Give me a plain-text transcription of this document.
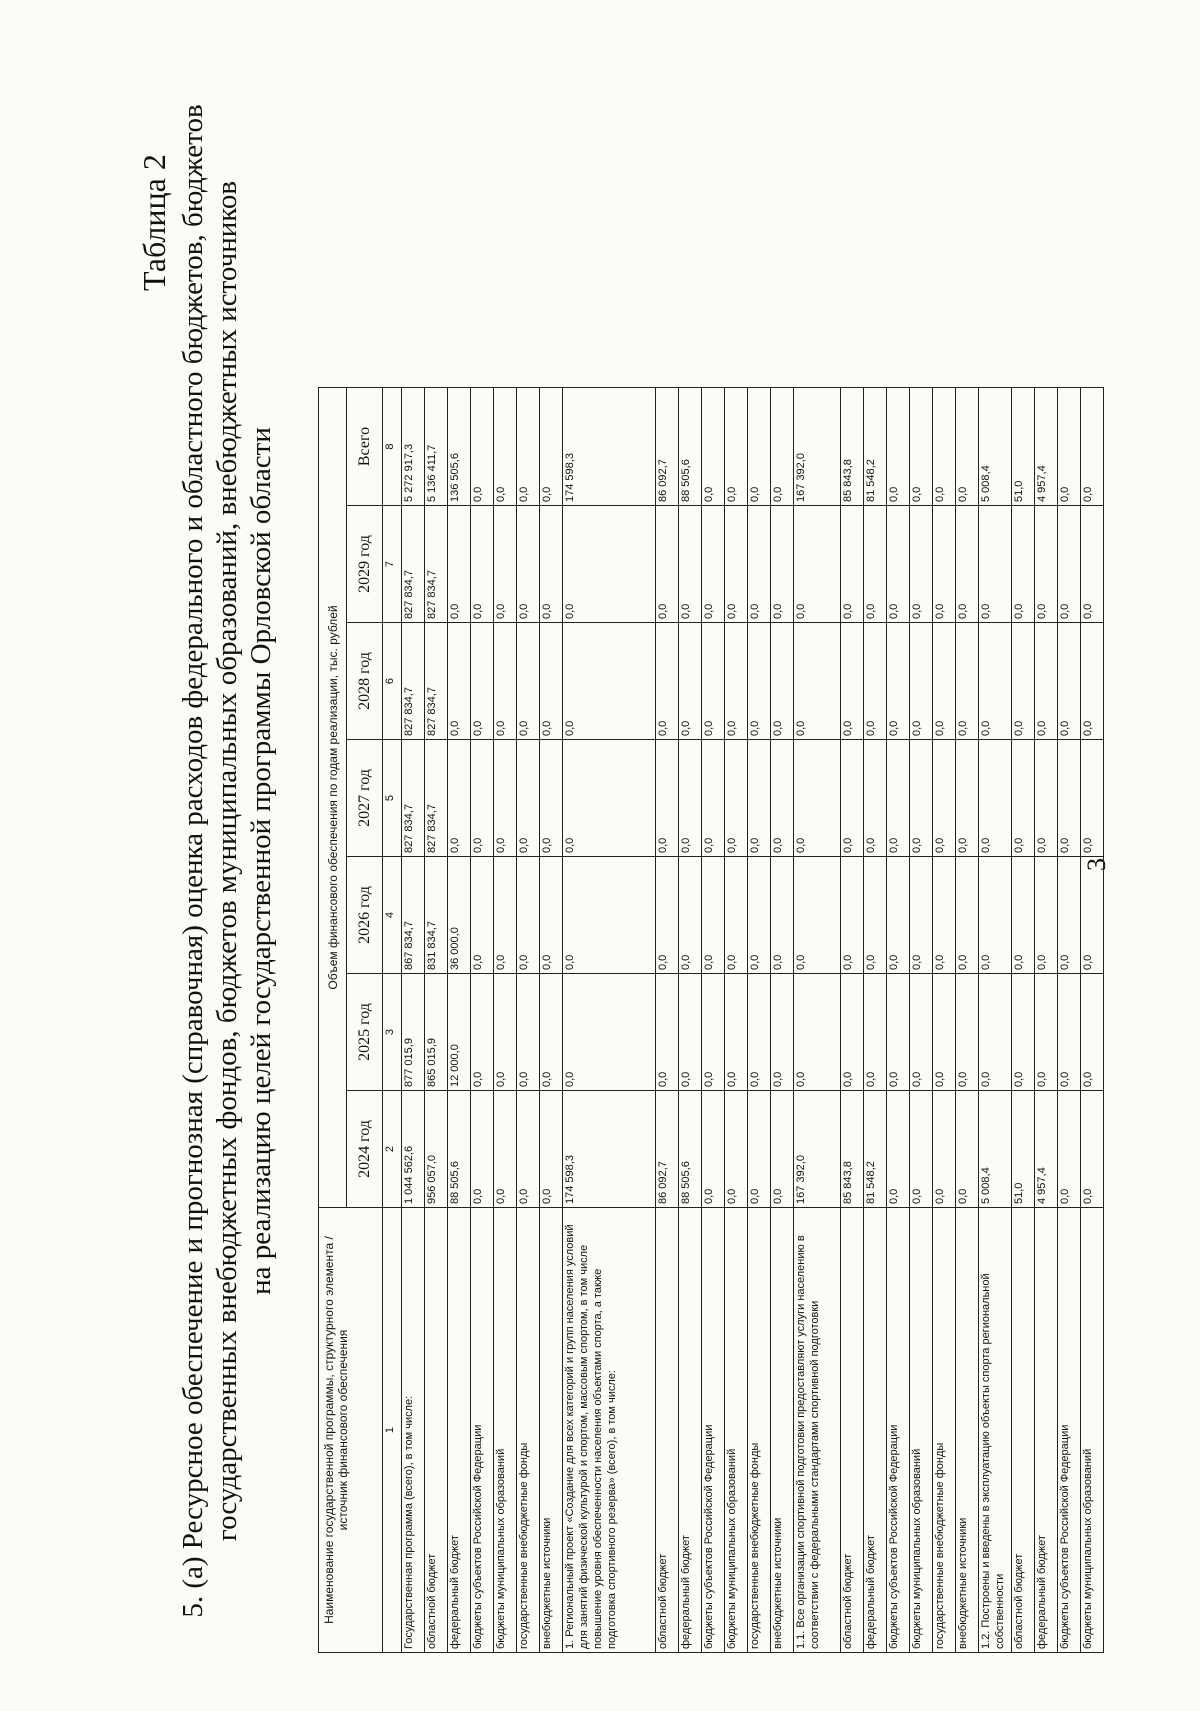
3
Таблица 2 5. (а) Ресурсное обеспечение и прогнозная (справочная) оценка расходов федерального и областного бюджетов, бюджетов государственных внебюджетных фондов, бюджетов муниципальных образований, внебюджетных источников на реализацию целей государственной программы Орловской области
Наименование государственной программы, структурного элемента / источник финансового обеспечения	Объем финансового обеспечения по годам реализации, тыс. рублей						
	2024 год	2025 год	2026 год	2027 год	2028 год	2029 год	Всего
1	2	3	4	5	6	7	8
Государственная программа (всего), в том числе:	1 044 562,6	877 015,9	867 834,7	827 834,7	827 834,7	827 834,7	5 272 917,3
областной бюджет	956 057,0	865 015,9	831 834,7	827 834,7	827 834,7	827 834,7	5 136 411,7
федеральный бюджет	88 505,6	12 000,0	36 000,0	0,0	0,0	0,0	136 505,6
бюджеты субъектов Российской Федерации	0,0	0,0	0,0	0,0	0,0	0,0	0,0
бюджеты муниципальных образований	0,0	0,0	0,0	0,0	0,0	0,0	0,0
государственные внебюджетные фонды	0,0	0,0	0,0	0,0	0,0	0,0	0,0
внебюджетные источники	0,0	0,0	0,0	0,0	0,0	0,0	0,0
1. Региональный проект «Создание для всех категорий и групп населения условий для занятий физической культурой и спортом, массовым спортом, в том числе повышение уровня обеспеченности населения объектами спорта, а также подготовка спортивного резерва» (всего), в том числе:	174 598,3	0,0	0,0	0,0	0,0	0,0	174 598,3
областной бюджет	86 092,7	0,0	0,0	0,0	0,0	0,0	86 092,7
федеральный бюджет	88 505,6	0,0	0,0	0,0	0,0	0,0	88 505,6
бюджеты субъектов Российской Федерации	0,0	0,0	0,0	0,0	0,0	0,0	0,0
бюджеты муниципальных образований	0,0	0,0	0,0	0,0	0,0	0,0	0,0
государственные внебюджетные фонды	0,0	0,0	0,0	0,0	0,0	0,0	0,0
внебюджетные источники	0,0	0,0	0,0	0,0	0,0	0,0	0,0
1.1. Все организации спортивной подготовки предоставляют услуги населению в соответствии с федеральными стандартами спортивной подготовки	167 392,0	0,0	0,0	0,0	0,0	0,0	167 392,0
областной бюджет	85 843,8	0,0	0,0	0,0	0,0	0,0	85 843,8
федеральный бюджет	81 548,2	0,0	0,0	0,0	0,0	0,0	81 548,2
бюджеты субъектов Российской Федерации	0,0	0,0	0,0	0,0	0,0	0,0	0,0
бюджеты муниципальных образований	0,0	0,0	0,0	0,0	0,0	0,0	0,0
государственные внебюджетные фонды	0,0	0,0	0,0	0,0	0,0	0,0	0,0
внебюджетные источники	0,0	0,0	0,0	0,0	0,0	0,0	0,0
1.2. Построены и введены в эксплуатацию объекты спорта региональной собственности	5 008,4	0,0	0,0	0,0	0,0	0,0	5 008,4
областной бюджет	51,0	0,0	0,0	0,0	0,0	0,0	51,0
федеральный бюджет	4 957,4	0,0	0,0	0,0	0,0	0,0	4 957,4
бюджеты субъектов Российской Федерации	0,0	0,0	0,0	0,0	0,0	0,0	0,0
бюджеты муниципальных образований	0,0	0,0	0,0	0,0	0,0	0,0	0,0
